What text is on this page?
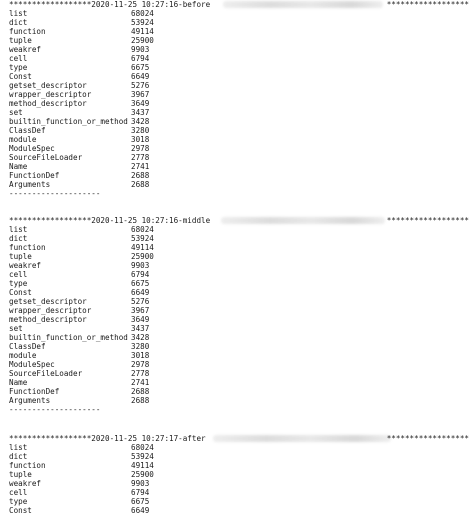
******************2020-11-25 10:27:16-before	******************
list	68024
dict	53924
function	49114
tuple	25900
weakref	9903
cell	6794
type	6675
Const	6649
getset_descriptor	5276
wrapper_descriptor	3967
method_descriptor	3649
set	3437
builtin_function_or_method 3428
ClassDef	3280
module	3018
ModuleSpec	2978
SourceFileLoader	2778
Name	2741
FunctionDef	2688
Arguments	2688
--------------------
******************2020-11-25 10:27:16-middle	******************
list	68024
dict	53924
function	49114
tuple	25900
weakref	9903
cell	6794
type	6675
Const	6649
getset_descriptor	5276
wrapper_descriptor	3967
method_descriptor	3649
set	3437
builtin_function_or_method 3428
ClassDef	3280
module	3018
ModuleSpec	2978
SourceFileLoader	2778
Name	2741
FunctionDef	2688
Arguments	2688
--------------------
******************2020-11-25 10:27:17-after	******************
list	68024
dict	53924
function	49114
tuple	25900
weakref	9903
cell	6794
type	6675
Const	6649
